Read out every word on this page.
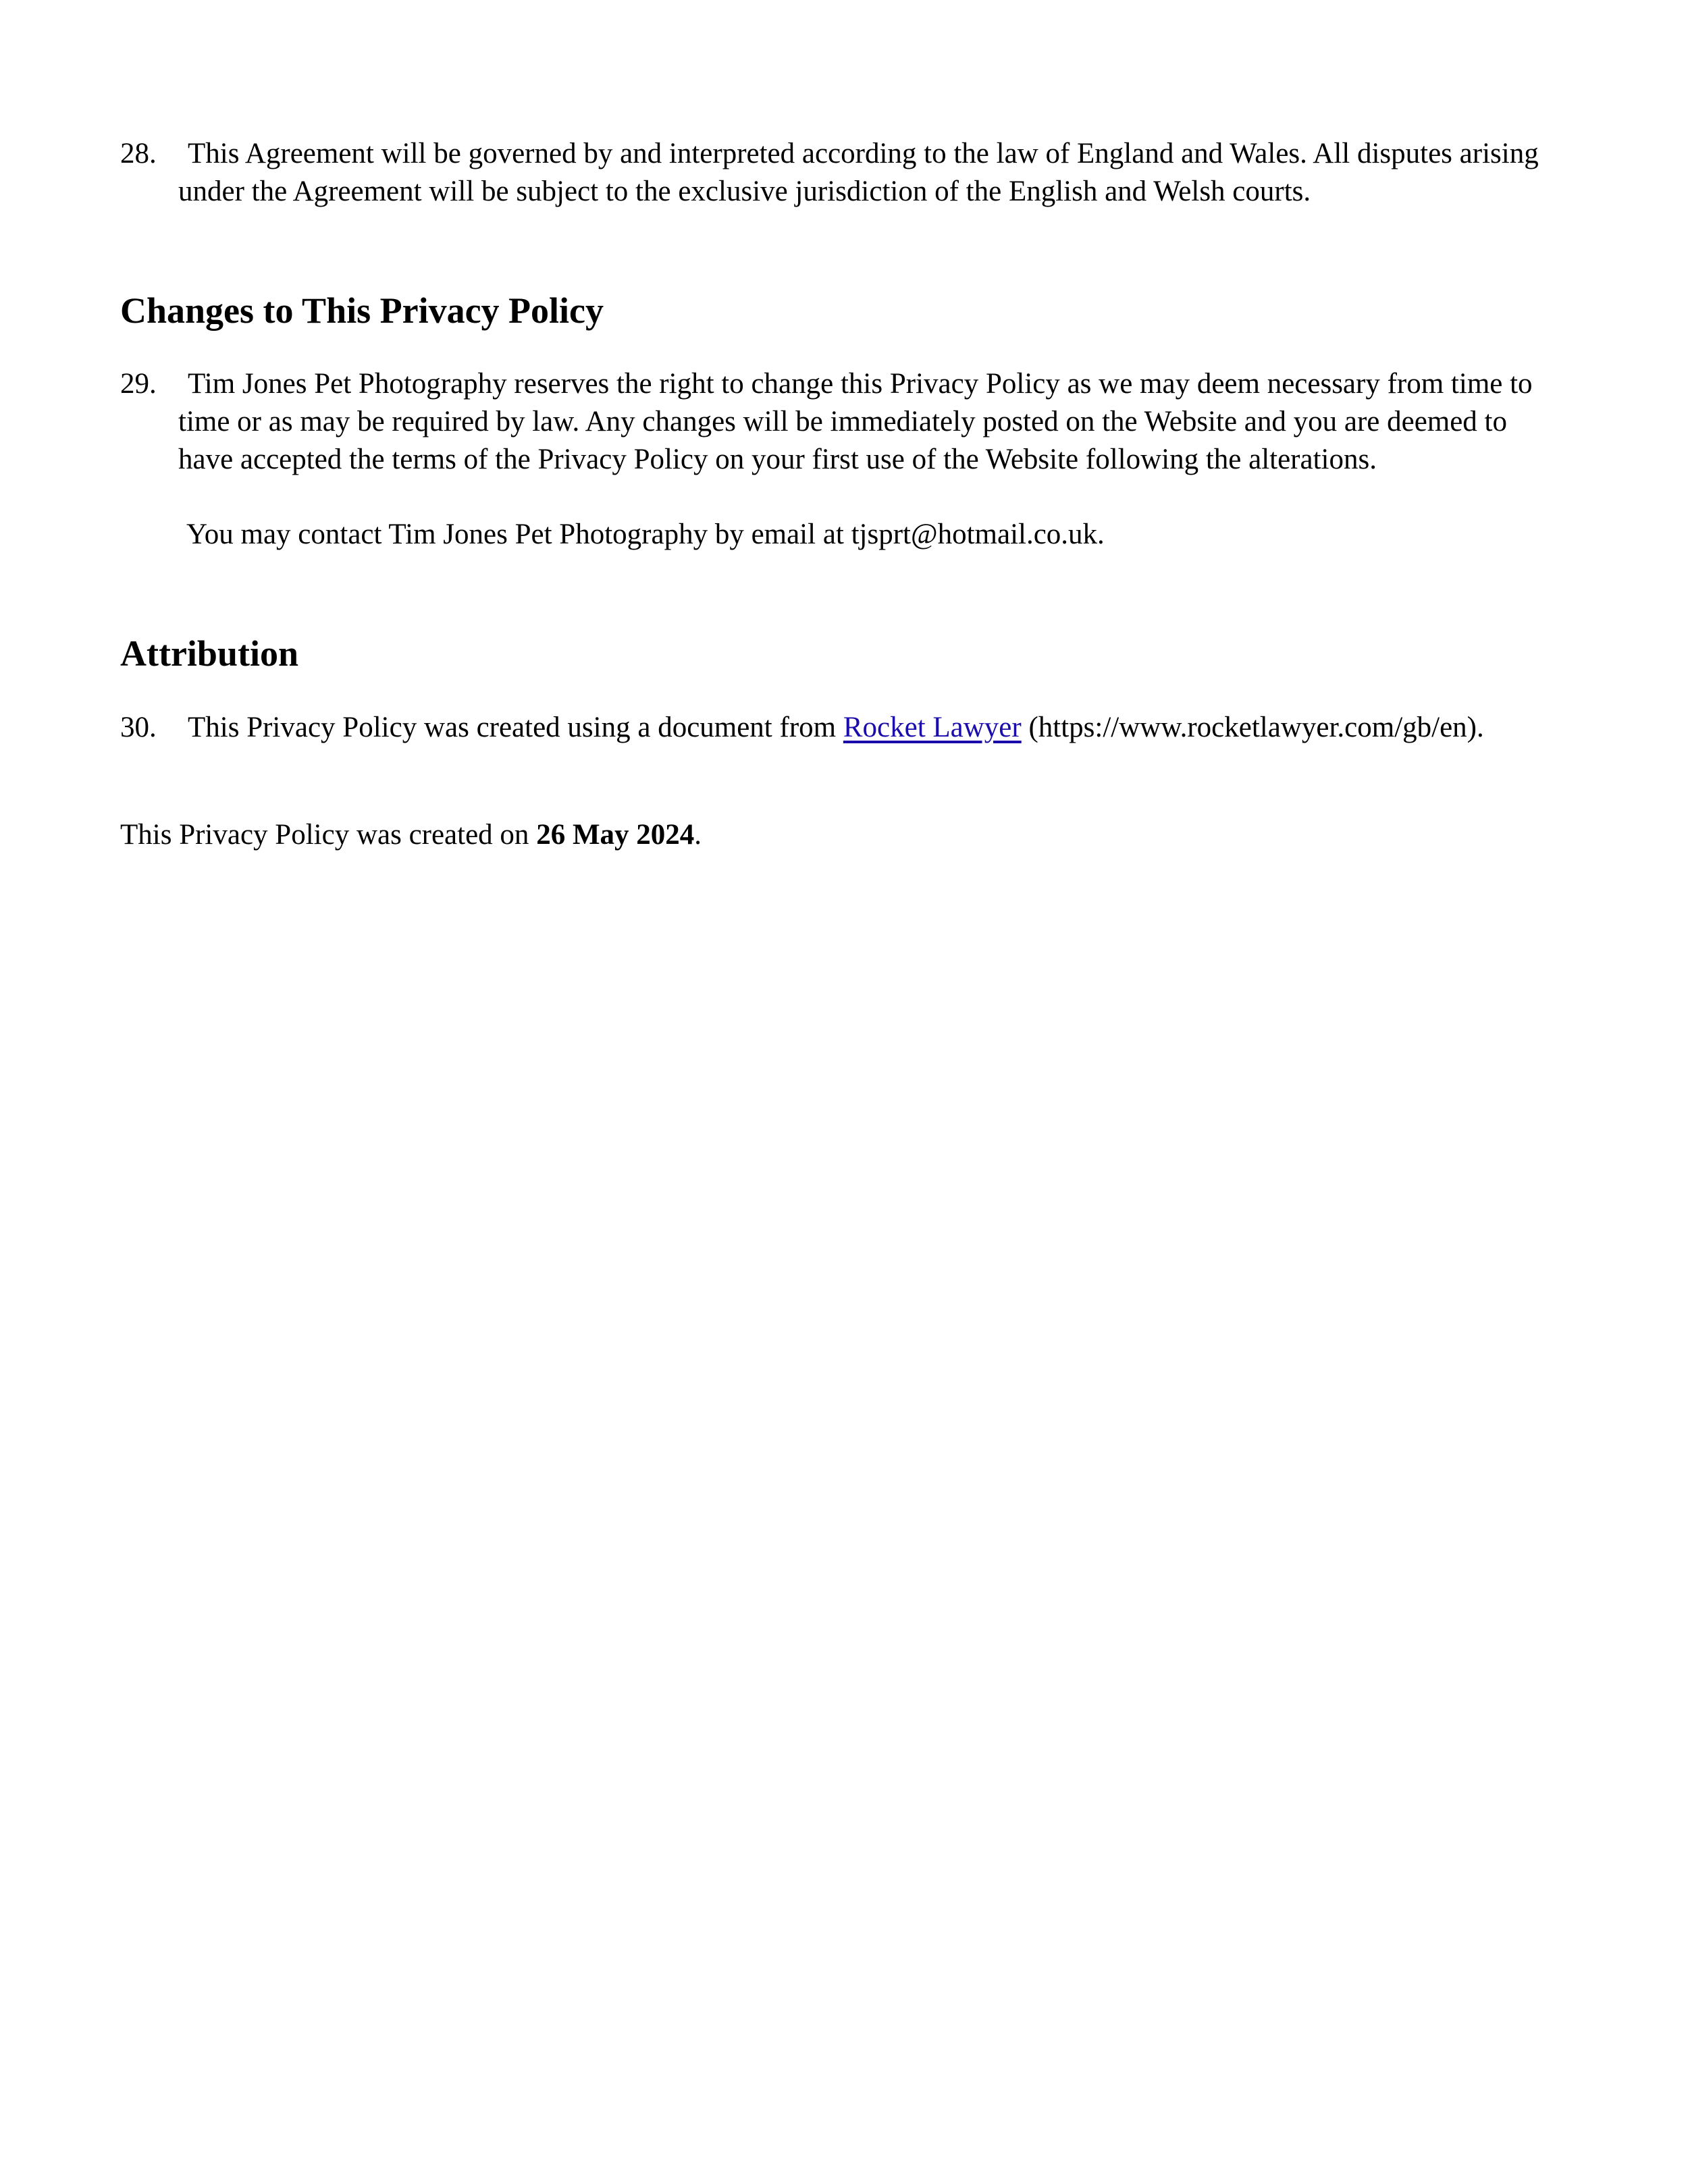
28.	This Agreement will be governed by and interpreted according to the law of England and Wales. All disputes arising under the Agreement will be subject to the exclusive jurisdiction of the English and Welsh courts.
Changes to This Privacy Policy
29.	Tim Jones Pet Photography reserves the right to change this Privacy Policy as we may deem necessary from time to time or as may be required by law. Any changes will be immediately posted on the Website and you are deemed to have accepted the terms of the Privacy Policy on your first use of the Website following the alterations.
You may contact Tim Jones Pet Photography by email at tjsprt@hotmail.co.uk.
Attribution
30.	This Privacy Policy was created using a document from Rocket Lawyer (https://www.rocketlawyer.com/gb/en).
This Privacy Policy was created on 26 May 2024.
